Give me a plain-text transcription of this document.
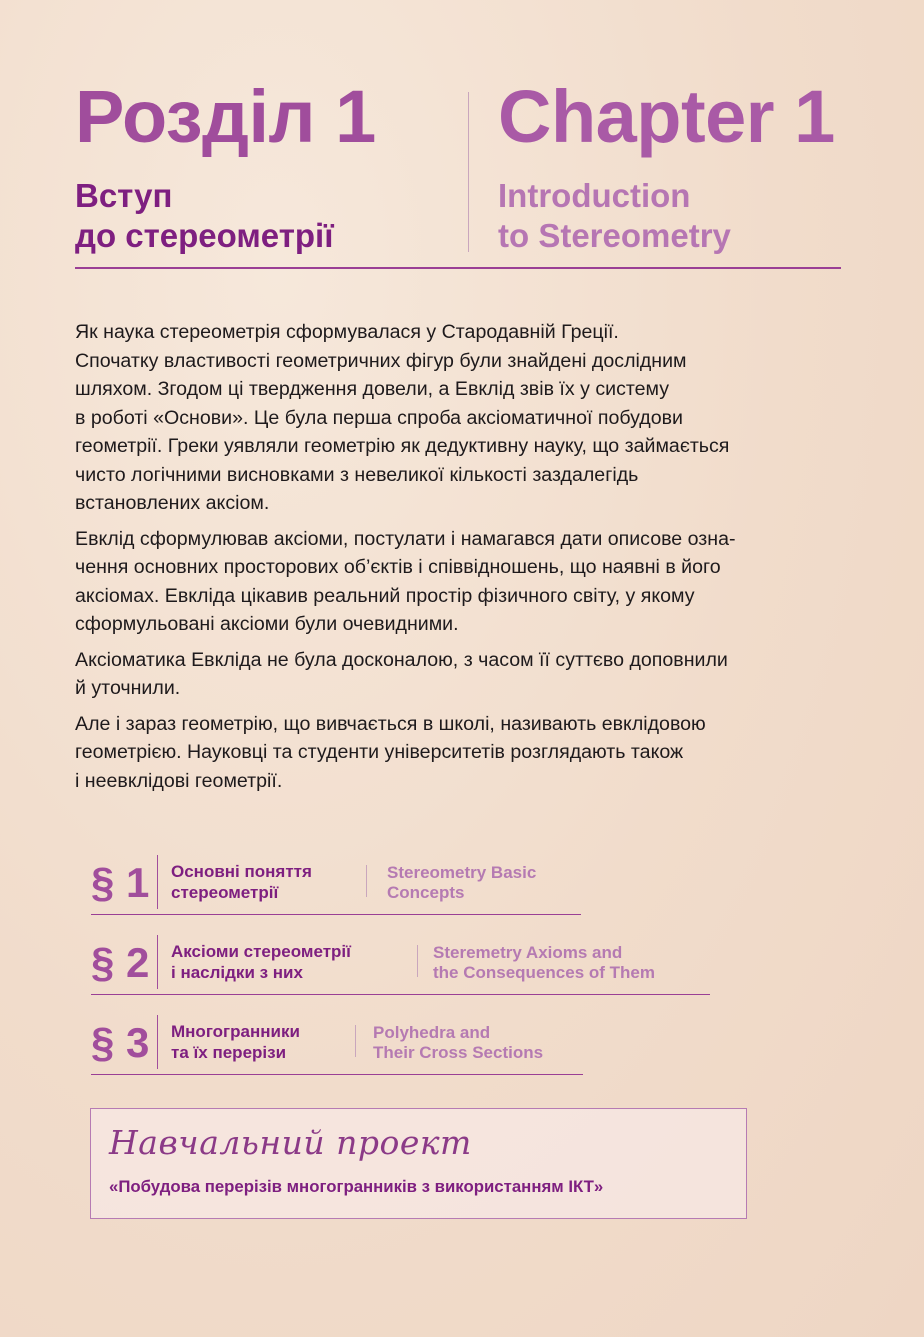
Розділ 1
Вступ
до стереометрії
Chapter 1
Introduction
to Stereometry

Як наука стереометрія сформувалася у Стародавній Греції.
Спочатку властивості геометричних фігур були знайдені дослідним
шляхом. Згодом ці твердження довели, а Евклід звів їх у систему
в роботі «Основи». Це була перша спроба аксіоматичної побудови
геометрії. Греки уявляли геометрію як дедуктивну науку, що займається
чисто логічними висновками з невеликої кількості заздалегідь
встановлених аксіом.

Евклід сформулював аксіоми, постулати і намагався дати описове озна-
чення основних просторових об’єктів і співвідношень, що наявні в його
аксіомах. Евкліда цікавив реальний простір фізичного світу, у якому
сформульовані аксіоми були очевидними.

Аксіоматика Евкліда не була досконалою, з часом її суттєво доповнили
й уточнили.

Але і зараз геометрію, що вивчається в школі, називають евклідовою
геометрією. Науковці та студенти університетів розглядають також
і неевклідові геометрії.

§ 1 Основні поняття
стереометрії
Stereometry Basic
Concepts
§ 2 Аксіоми стереометрії
і наслідки з них
Steremetry Axioms and
the Consequences of Them
§ 3 Многогранники
та їх перерізи
Polyhedra and
Their Cross Sections
Навчальний проект
«Побудова перерізів многогранників з використанням ІКТ»
